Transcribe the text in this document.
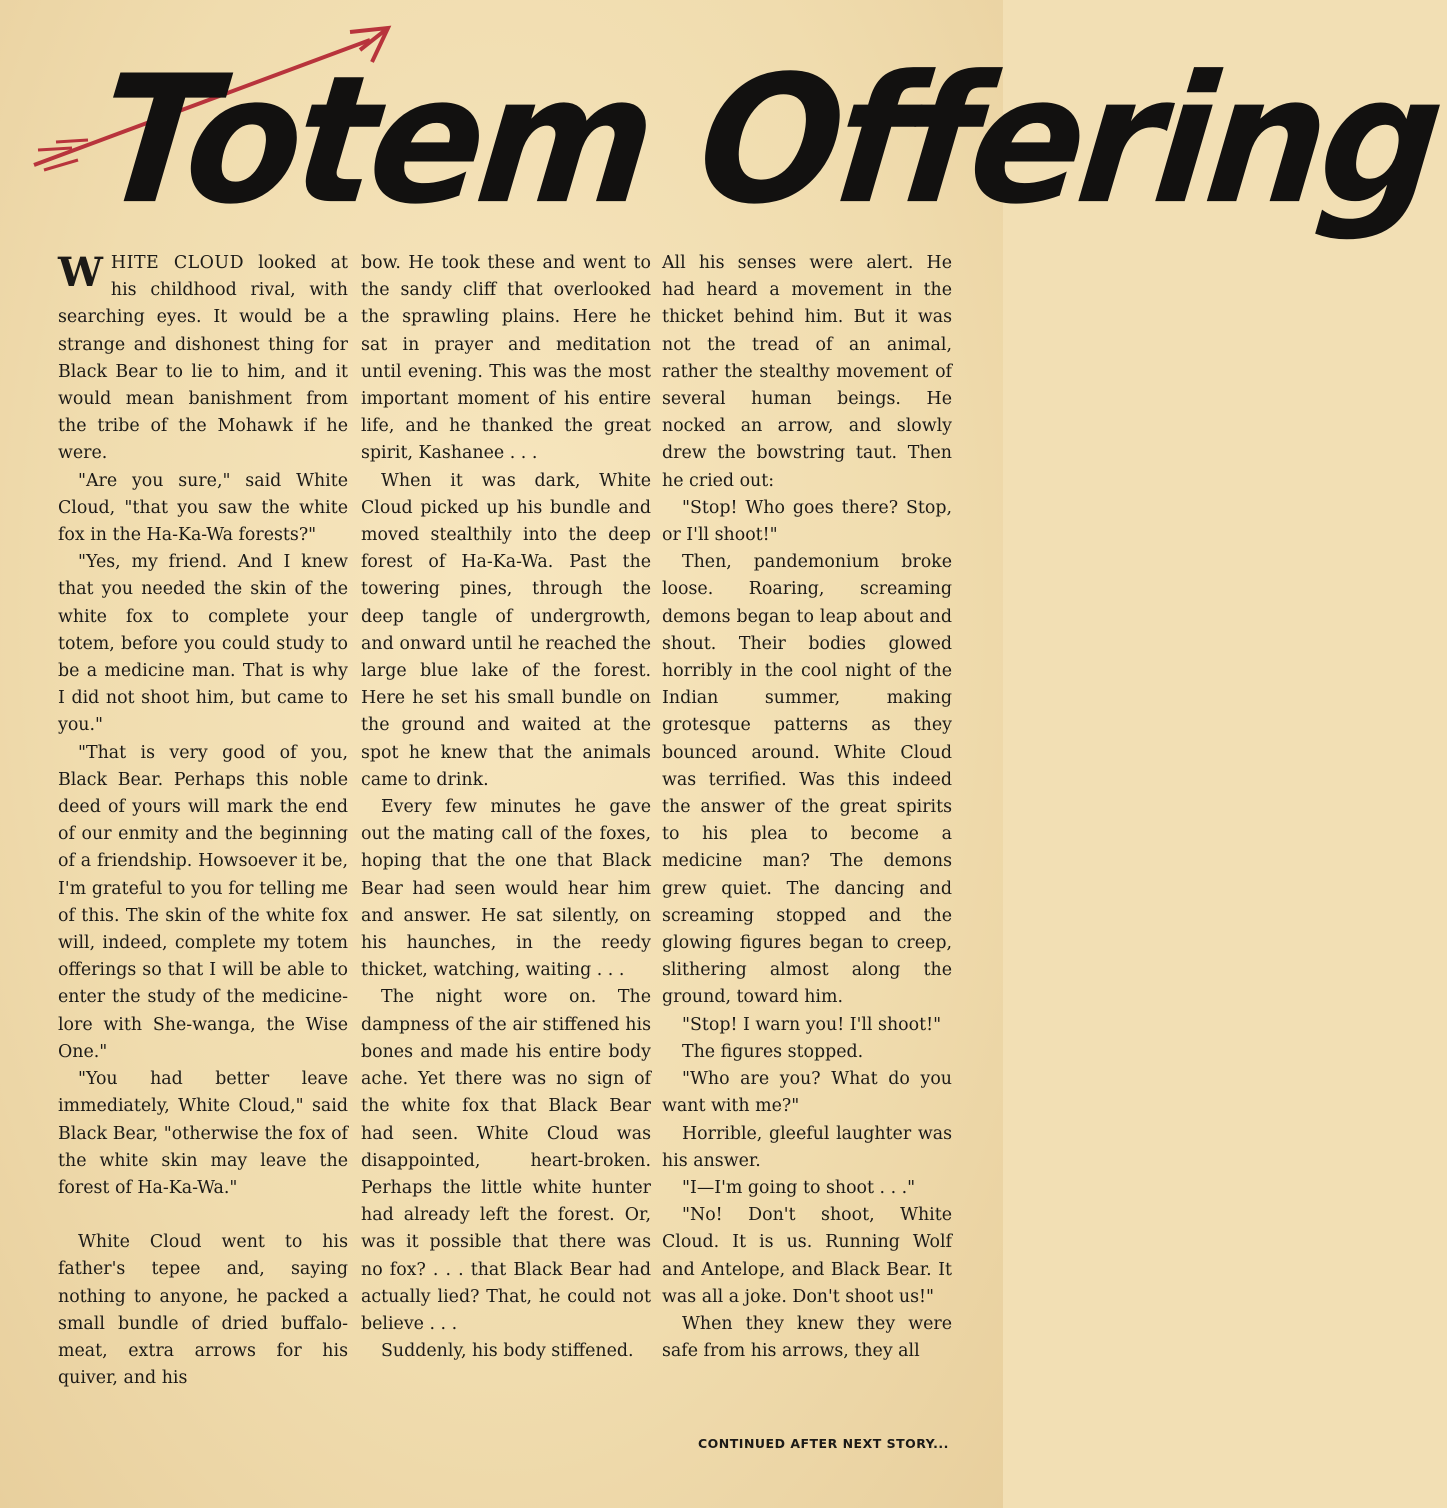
Totem Offering

WHITE CLOUD looked at his childhood rival, with searching eyes. It would be a strange and dishonest thing for Black Bear to lie to him, and it would mean banishment from the tribe of the Mohawk if he were.

"Are you sure," said White Cloud, "that you saw the white fox in the Ha-Ka-Wa forests?"

"Yes, my friend. And I knew that you needed the skin of the white fox to complete your totem, before you could study to be a medicine man. That is why I did not shoot him, but came to you."

"That is very good of you, Black Bear. Perhaps this noble deed of yours will mark the end of our enmity and the beginning of a friendship. Howsoever it be, I'm grateful to you for telling me of this. The skin of the white fox will, indeed, complete my totem offerings so that I will be able to enter the study of the medicine-lore with She-wanga, the Wise One."

"You had better leave immediately, White Cloud," said Black Bear, "otherwise the fox of the white skin may leave the forest of Ha-Ka-Wa."

White Cloud went to his father's tepee and, saying nothing to anyone, he packed a small bundle of dried buffalo-meat, extra arrows for his quiver, and his

bow. He took these and went to the sandy cliff that overlooked the sprawling plains. Here he sat in prayer and meditation until evening. This was the most important moment of his entire life, and he thanked the great spirit, Kashanee . . .

When it was dark, White Cloud picked up his bundle and moved stealthily into the deep forest of Ha-Ka-Wa. Past the towering pines, through the deep tangle of undergrowth, and onward until he reached the large blue lake of the forest. Here he set his small bundle on the ground and waited at the spot he knew that the animals came to drink.

Every few minutes he gave out the mating call of the foxes, hoping that the one that Black Bear had seen would hear him and answer. He sat silently, on his haunches, in the reedy thicket, watching, waiting . . .

The night wore on. The dampness of the air stiffened his bones and made his entire body ache. Yet there was no sign of the white fox that Black Bear had seen. White Cloud was disappointed, heart-broken. Perhaps the little white hunter had already left the forest. Or, was it possible that there was no fox? . . . that Black Bear had actually lied? That, he could not believe . . .

Suddenly, his body stiffened.

All his senses were alert. He had heard a movement in the thicket behind him. But it was not the tread of an animal, rather the stealthy movement of several human beings. He nocked an arrow, and slowly drew the bowstring taut. Then he cried out:

"Stop! Who goes there? Stop, or I'll shoot!"

Then, pandemonium broke loose. Roaring, screaming demons began to leap about and shout. Their bodies glowed horribly in the cool night of the Indian summer, making grotesque patterns as they bounced around. White Cloud was terrified. Was this indeed the answer of the great spirits to his plea to become a medicine man? The demons grew quiet. The dancing and screaming stopped and the glowing figures began to creep, slithering almost along the ground, toward him.

"Stop! I warn you! I'll shoot!"

The figures stopped.

"Who are you? What do you want with me?"

Horrible, gleeful laughter was his answer.

"I—I'm going to shoot . . ."

"No! Don't shoot, White Cloud. It is us. Running Wolf and Antelope, and Black Bear. It was all a joke. Don't shoot us!"

When they knew they were safe from his arrows, they all

CONTINUED AFTER NEXT STORY...
